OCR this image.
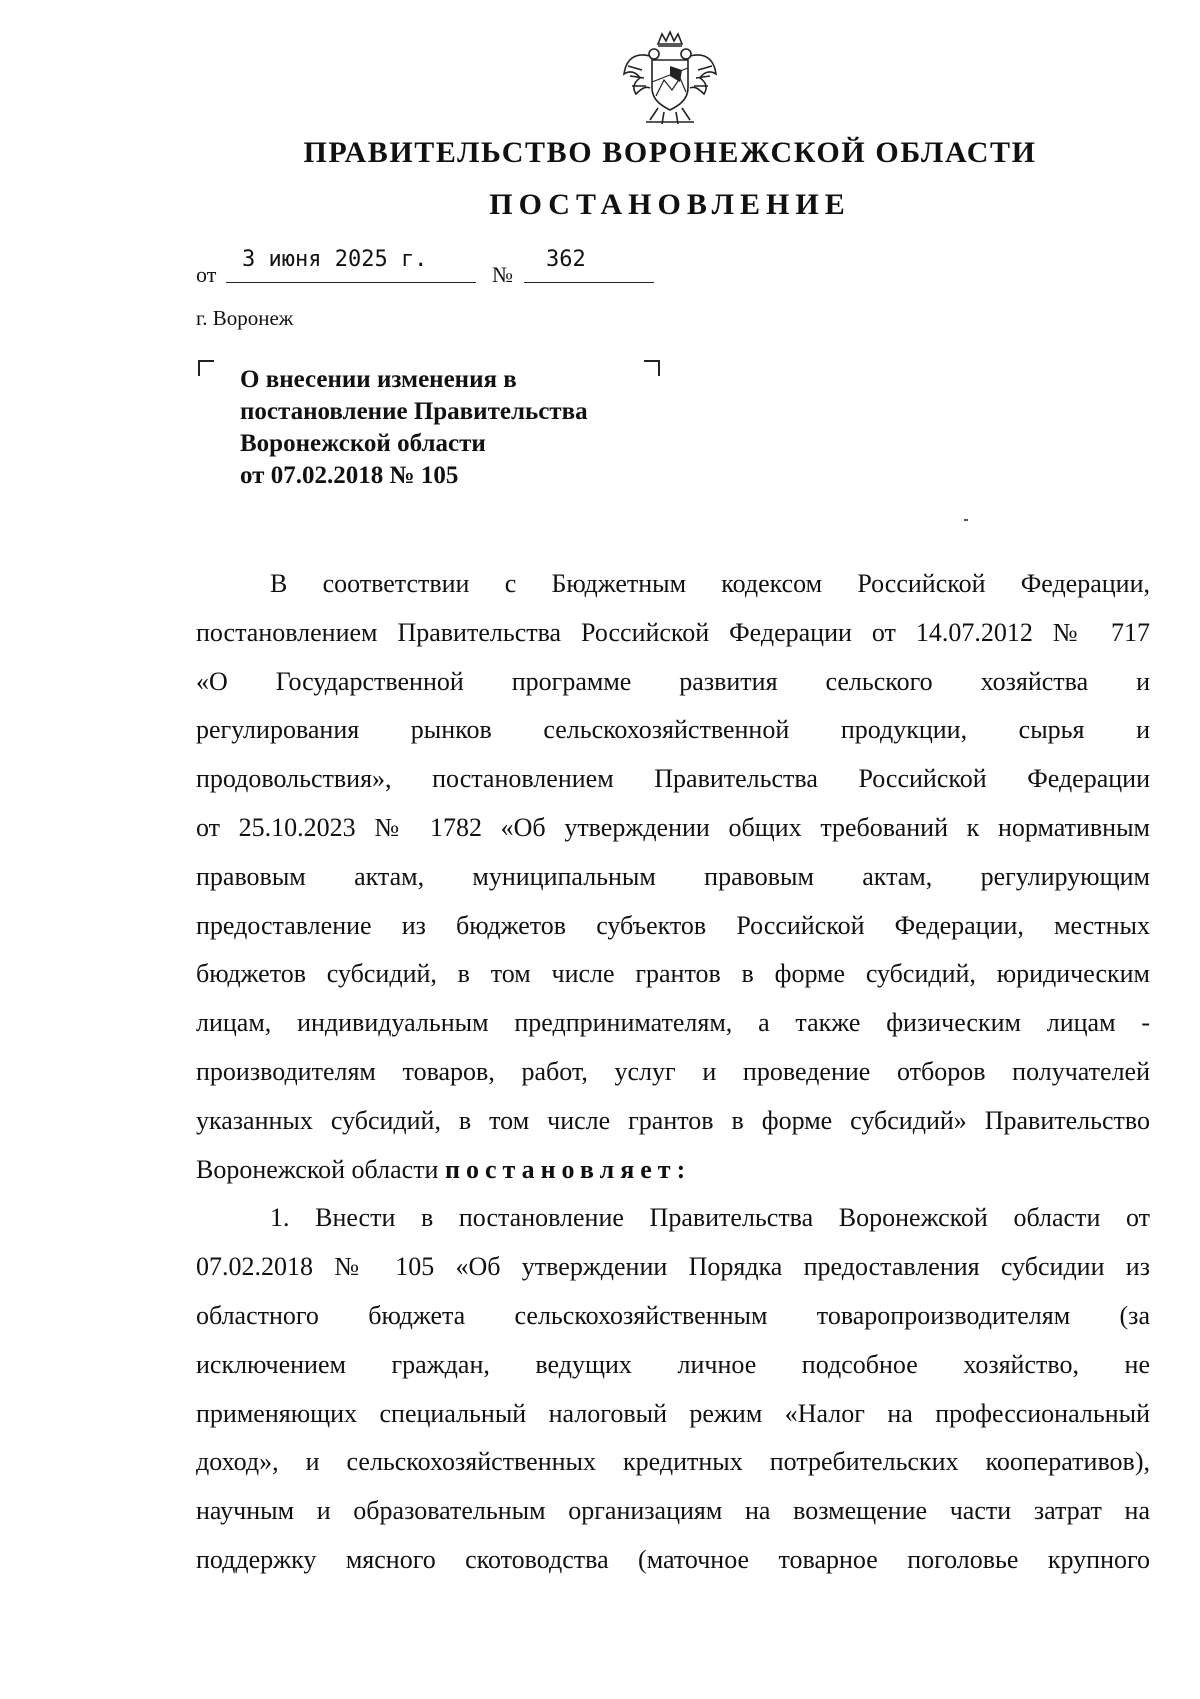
ПРАВИТЕЛЬСТВО ВОРОНЕЖСКОЙ ОБЛАСТИ
ПОСТАНОВЛЕНИЕ
от
3 июня 2025 г.
№
362
г. Воронеж
О внесении изменения в
постановление Правительства
Воронежской области
от 07.02.2018 № 105
В соответствии с Бюджетным кодексом Российской Федерации,
постановлением Правительства Российской Федерации от 14.07.2012 № 717
«О Государственной программе развития сельского хозяйства и
регулирования рынков сельскохозяйственной продукции, сырья и
продовольствия», постановлением Правительства Российской Федерации
от 25.10.2023 № 1782 «Об утверждении общих требований к нормативным
правовым актам, муниципальным правовым актам, регулирующим
предоставление из бюджетов субъектов Российской Федерации, местных
бюджетов субсидий, в том числе грантов в форме субсидий, юридическим
лицам, индивидуальным предпринимателям, а также физическим лицам -
производителям товаров, работ, услуг и проведение отборов получателей
указанных субсидий, в том числе грантов в форме субсидий» Правительство
Воронежской области постановляет:
1. Внести в постановление Правительства Воронежской области от
07.02.2018 № 105 «Об утверждении Порядка предоставления субсидии из
областного бюджета сельскохозяйственным товаропроизводителям (за
исключением граждан, ведущих личное подсобное хозяйство, не
применяющих специальный налоговый режим «Налог на профессиональный
доход», и сельскохозяйственных кредитных потребительских кооперативов),
научным и образовательным организациям на возмещение части затрат на
поддержку мясного скотоводства (маточное товарное поголовье крупного
